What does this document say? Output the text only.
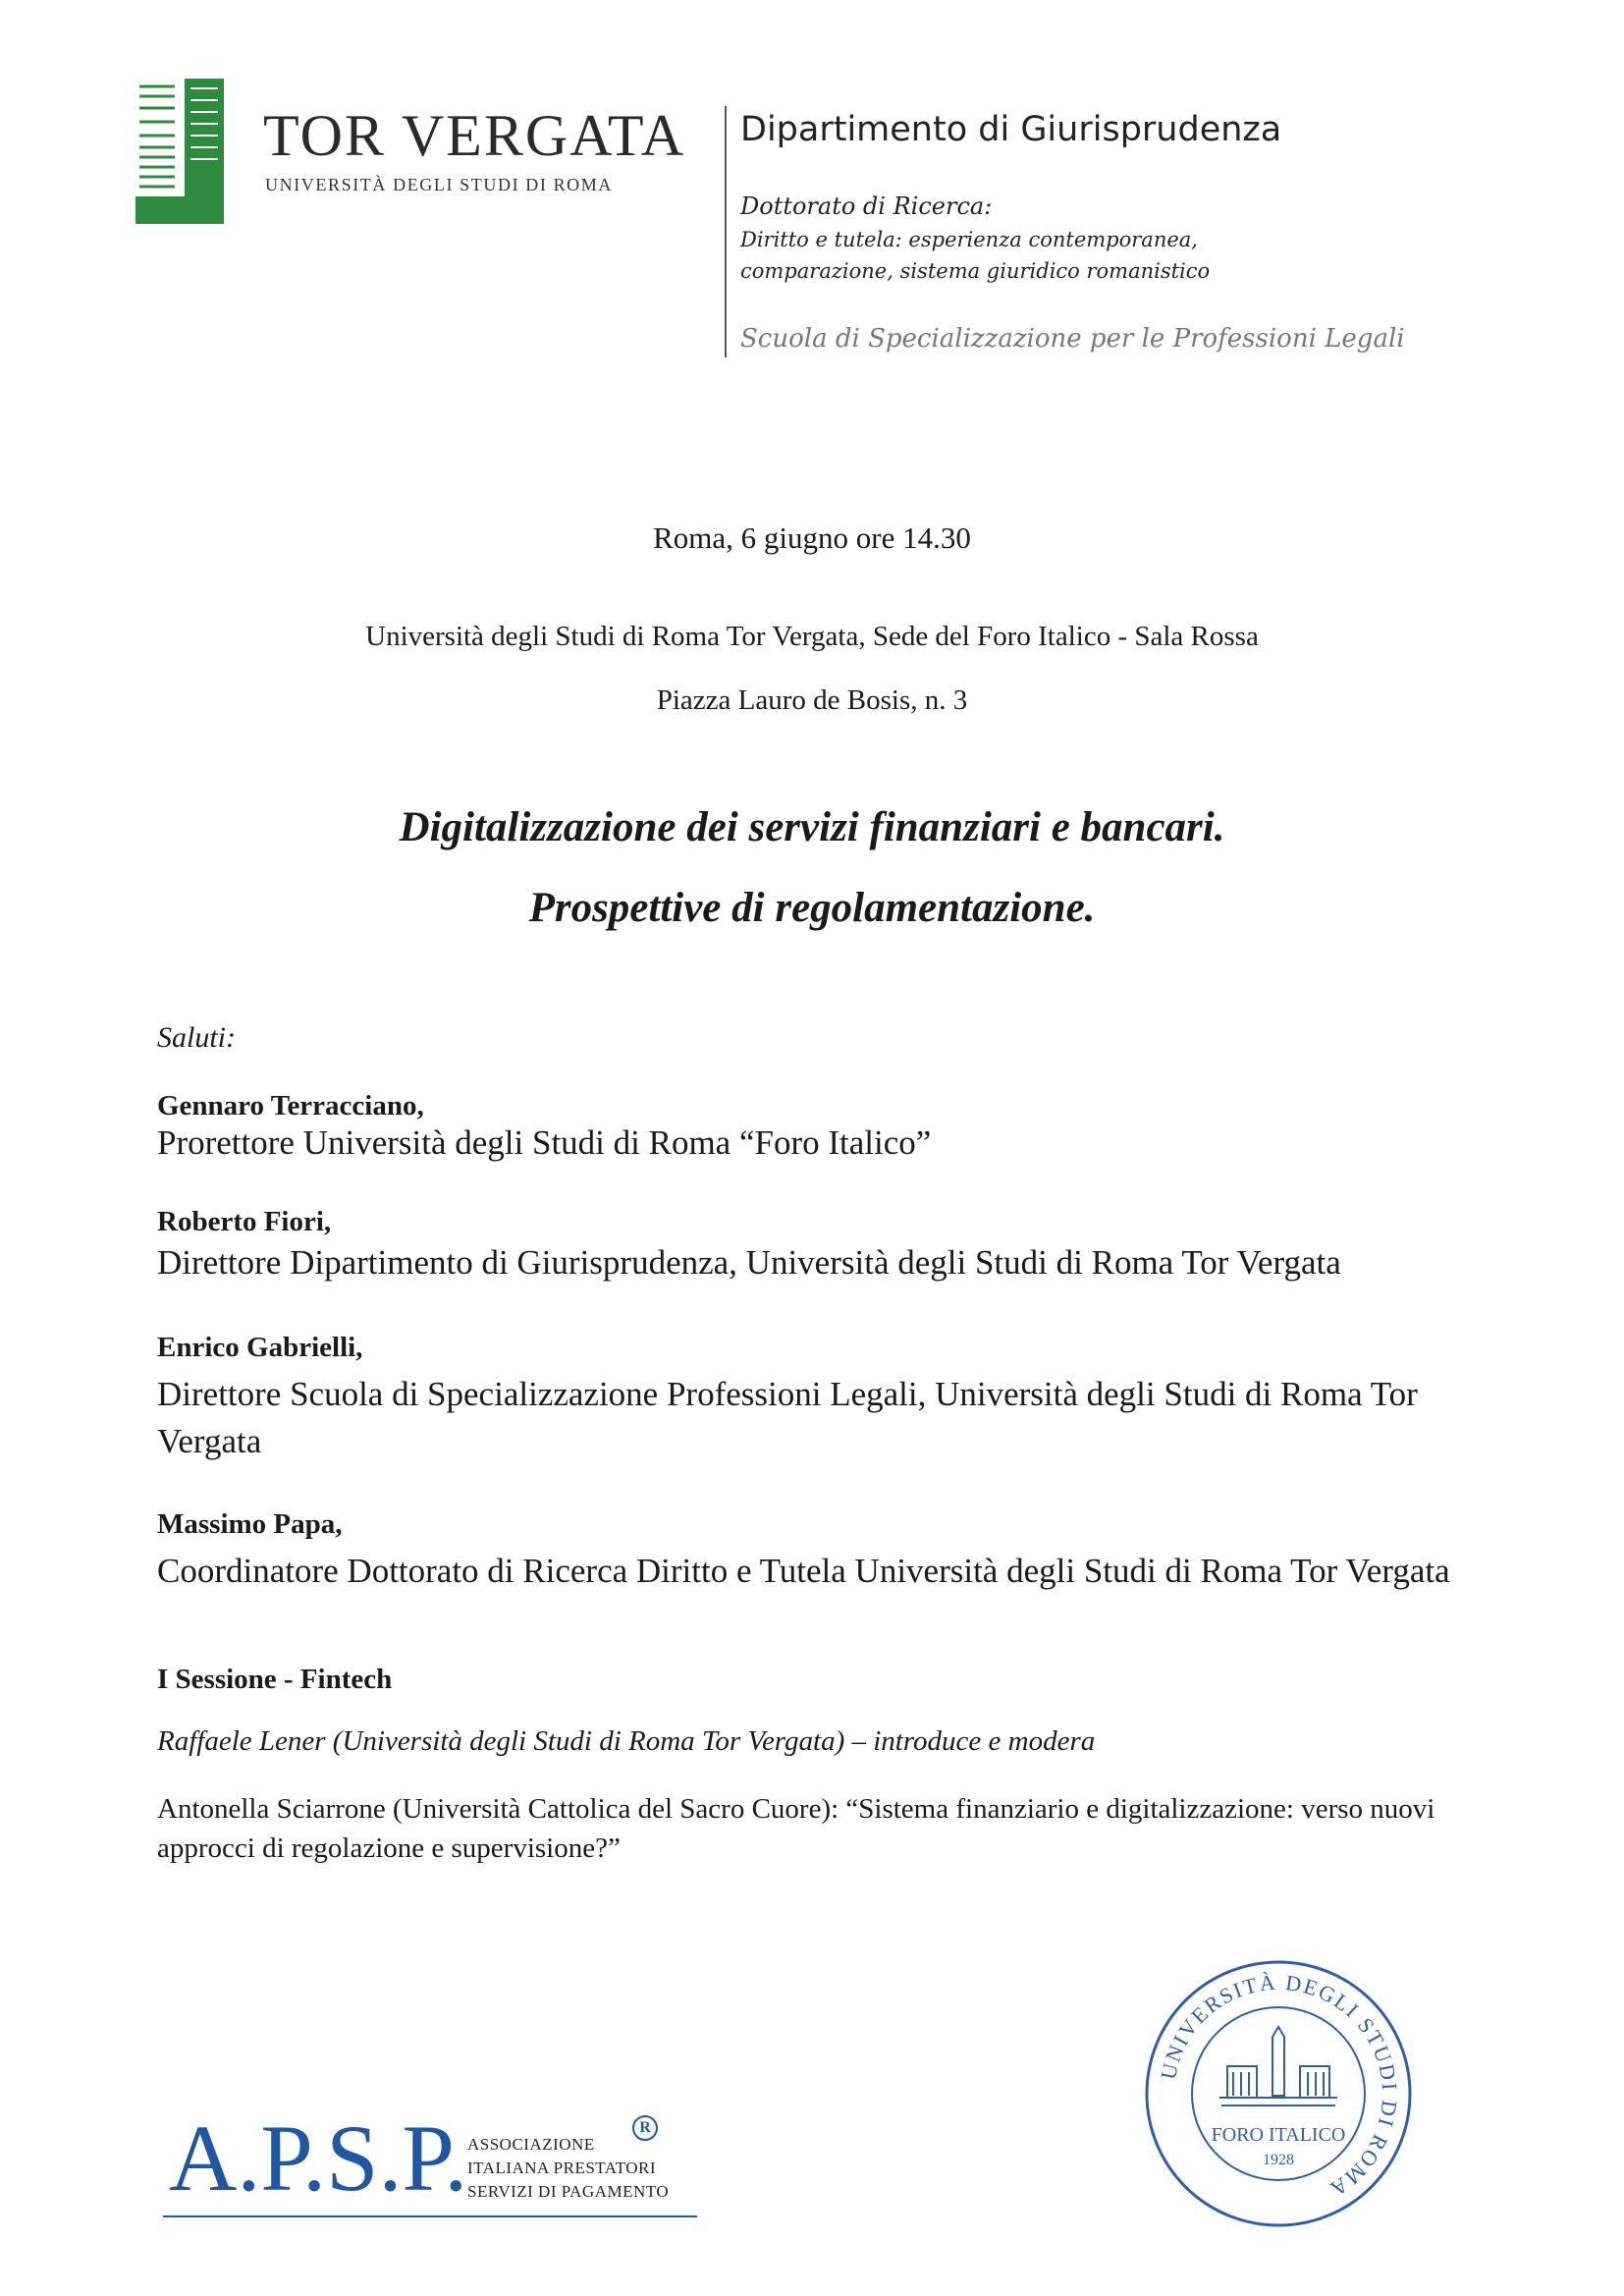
TOR VERGATA
UNIVERSITÀ DEGLI STUDI DI ROMA
Dipartimento di Giurisprudenza
Dottorato di Ricerca:
Diritto e tutela: esperienza contemporanea,
comparazione, sistema giuridico romanistico
Scuola di Specializzazione per le Professioni Legali
Roma, 6 giugno ore 14.30
Università degli Studi di Roma Tor Vergata, Sede del Foro Italico - Sala Rossa
Piazza Lauro de Bosis, n. 3
Digitalizzazione dei servizi finanziari e bancari.
Prospettive di regolamentazione.
Saluti:
Gennaro Terracciano,
Prorettore Università degli Studi di Roma “Foro Italico”
Roberto Fiori,
Direttore Dipartimento di Giurisprudenza, Università degli Studi di Roma Tor Vergata
Enrico Gabrielli,
Direttore Scuola di Specializzazione Professioni Legali, Università degli Studi di Roma Tor Vergata
Massimo Papa,
Coordinatore Dottorato di Ricerca Diritto e Tutela Università degli Studi di Roma Tor Vergata
I Sessione - Fintech
Raffaele Lener (Università degli Studi di Roma Tor Vergata) – introduce e modera
Antonella Sciarrone (Università Cattolica del Sacro Cuore): “Sistema finanziario e digitalizzazione: verso nuovi approcci di regolazione e supervisione?”
A.P.S.P.	R
ASSOCIAZIONE
ITALIANA PRESTATORI
SERVIZI DI PAGAMENTO
UNIVERSITÀ DEGLI STUDI DI ROMA
FORO ITALICO
1928
